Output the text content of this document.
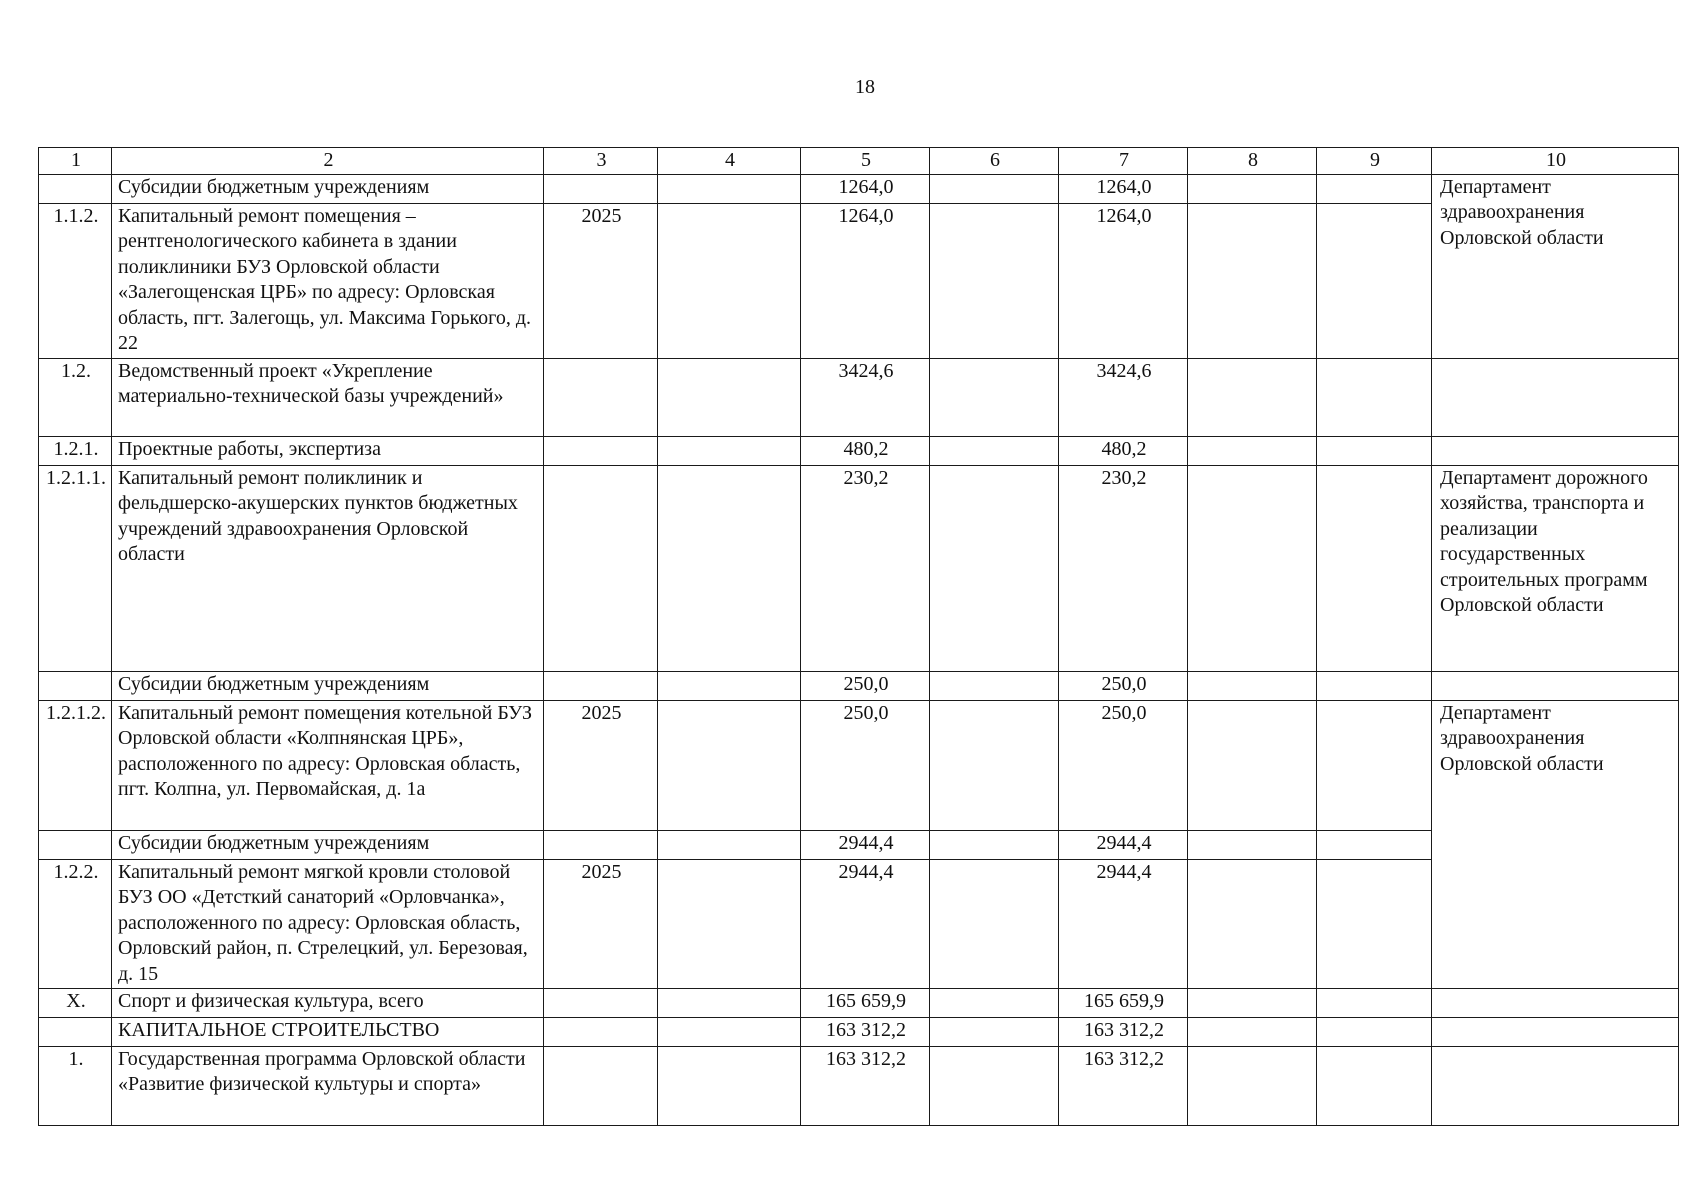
18
1	2	3	4	5	6	7	8	9	10
	Субсидии бюджетным учреждениям			1264,0		1264,0			Департамент здравоохранения Орловской области
1.1.2.	Капитальный ремонт помещения – рентгенологического кабинета в здании поликлиники БУЗ Орловской области «Залегощенская ЦРБ» по адресу: Орловская область, пгт. Залегощь, ул. Максима Горького, д. 22	2025		1264,0		1264,0			
1.2.	Ведомственный проект «Укрепление материально-технической базы учреждений»			3424,6		3424,6			
1.2.1.	Проектные работы, экспертиза			480,2		480,2			
1.2.1.1.	Капитальный ремонт поликлиник и фельдшерско-акушерских пунктов бюджетных учреждений здравоохранения Орловской области			230,2		230,2			Департамент дорожного хозяйства, транспорта и реализации государственных строительных программ Орловской области
	Субсидии бюджетным учреждениям			250,0		250,0			
1.2.1.2.	Капитальный ремонт помещения котельной БУЗ Орловской области «Колпнянская ЦРБ», расположенного по адресу: Орловская область, пгт. Колпна, ул. Первомайская, д. 1а	2025		250,0		250,0			Департамент здравоохранения Орловской области
	Субсидии бюджетным учреждениям			2944,4		2944,4			
1.2.2.	Капитальный ремонт мягкой кровли столовой БУЗ ОО «Детсткий санаторий «Орловчанка», расположенного по адресу: Орловская область, Орловский район, п. Стрелецкий, ул. Березовая, д. 15	2025		2944,4		2944,4			
X.	Спорт и физическая культура, всего			165 659,9		165 659,9			
	КАПИТАЛЬНОЕ СТРОИТЕЛЬСТВО			163 312,2		163 312,2			
1.	Государственная программа Орловской области «Развитие физической культуры и спорта»			163 312,2		163 312,2			
